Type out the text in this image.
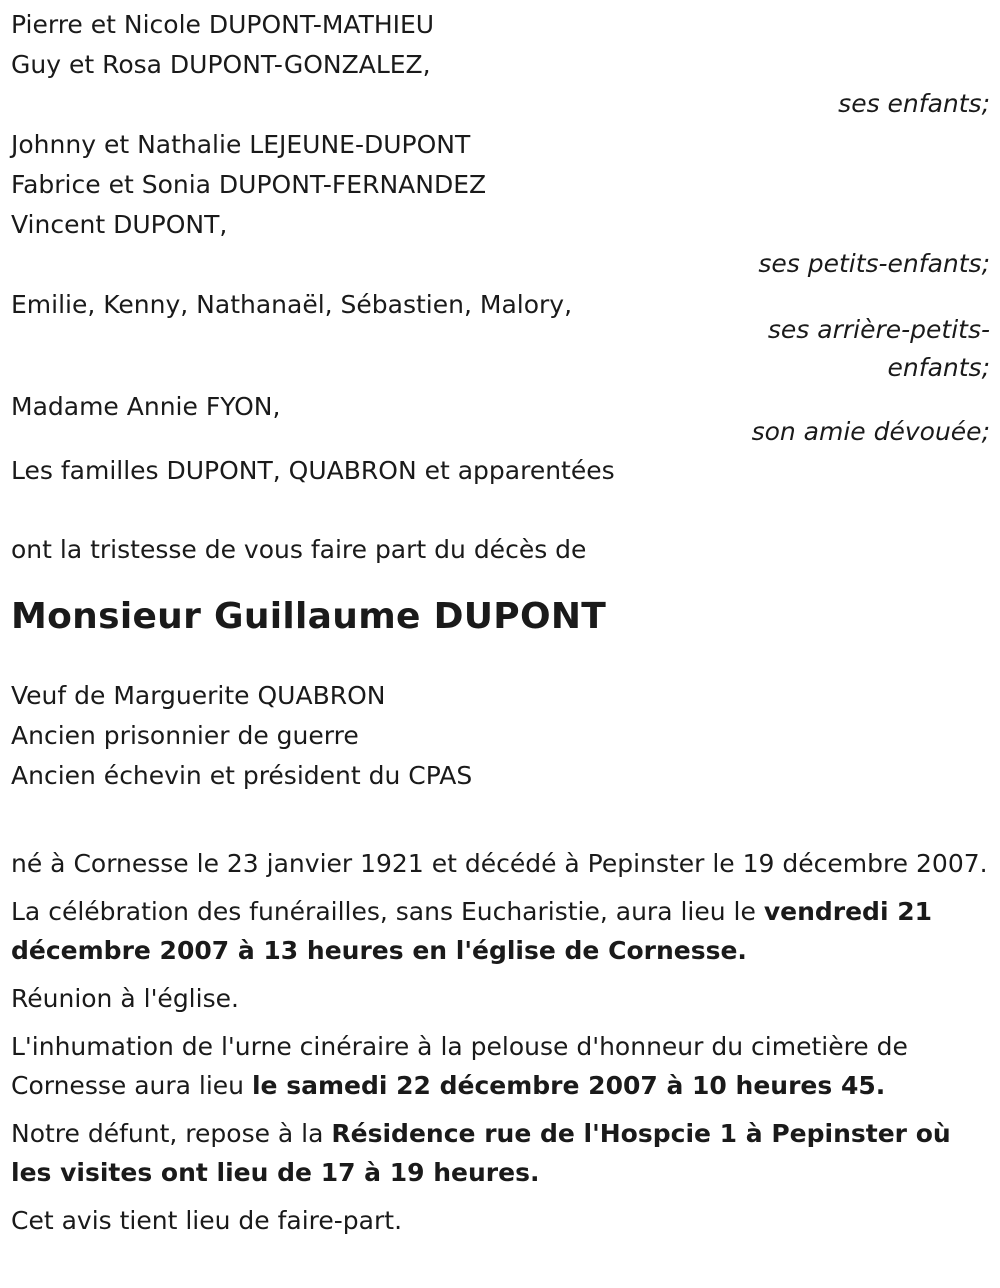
Pierre et Nicole DUPONT-MATHIEU
Guy et Rosa DUPONT-GONZALEZ,
ses enfants;
Johnny et Nathalie LEJEUNE-DUPONT
Fabrice et Sonia DUPONT-FERNANDEZ
Vincent DUPONT,
ses petits-enfants;
Emilie, Kenny, Nathanaël, Sébastien, Malory,
ses arrière-petits-
enfants;
Madame Annie FYON,
son amie dévouée;
Les familles DUPONT, QUABRON et apparentées
ont la tristesse de vous faire part du décès de
Monsieur Guillaume DUPONT
Veuf de Marguerite QUABRON
Ancien prisonnier de guerre
Ancien échevin et président du CPAS
né à Cornesse le 23 janvier 1921 et décédé à Pepinster le 19 décembre 2007.
La célébration des funérailles, sans Eucharistie, aura lieu le vendredi 21 décembre 2007 à 13 heures en l'église de Cornesse.
Réunion à l'église.
L'inhumation de l'urne cinéraire à la pelouse d'honneur du cimetière de Cornesse aura lieu le samedi 22 décembre 2007 à 10 heures 45.
Notre défunt, repose à la Résidence rue de l'Hospcie 1 à Pepinster où les visites ont lieu de 17 à 19 heures.
Cet avis tient lieu de faire-part.
